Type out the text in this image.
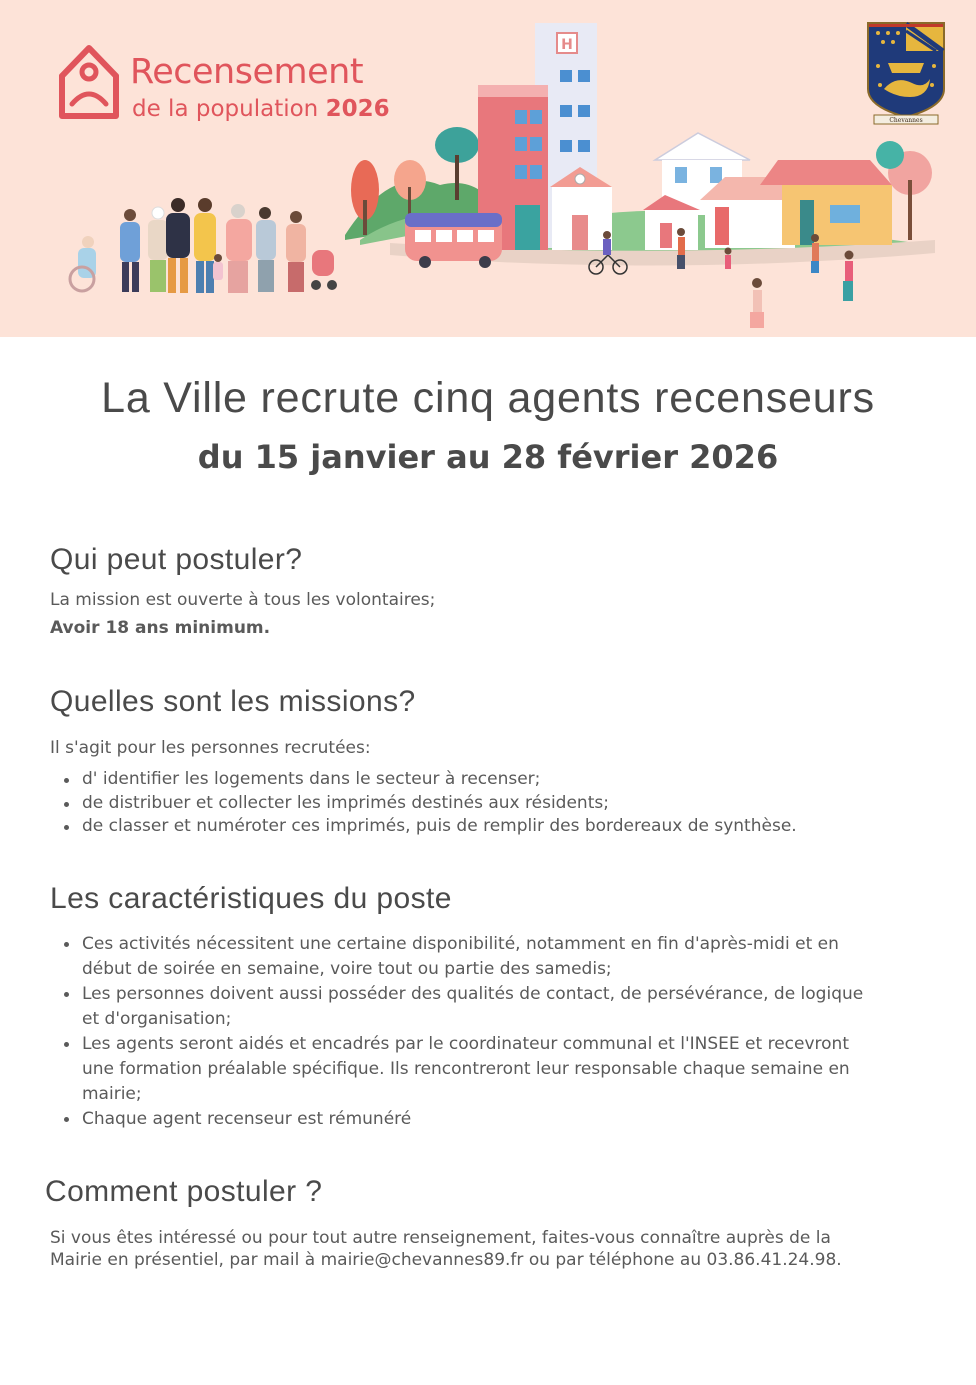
Recensement
de la population 2026
H
Chevannes
La Ville recrute cinq agents recenseurs
du 15 janvier au 28 février 2026
Qui peut postuler?

La mission est ouverte à tous les volontaires;

Avoir 18 ans minimum.

Quelles sont les missions?

Il s'agit pour les personnes recrutées:

d' identifier les logements dans le secteur à recenser;
de distribuer et collecter les imprimés destinés aux résidents;
de classer et numéroter ces imprimés, puis de remplir des bordereaux de synthèse.
Les caractéristiques du poste
Ces activités nécessitent une certaine disponibilité, notamment en fin d'après-midi et en début de soirée en semaine, voire tout ou partie des samedis;
Les personnes doivent aussi posséder des qualités de contact, de persévérance, de logique et d'organisation;
Les agents seront aidés et encadrés par le coordinateur communal et l'INSEE et recevront une formation préalable spécifique. Ils rencontreront leur responsable chaque semaine en mairie;
Chaque agent recenseur est rémunéré
Comment postuler ?

Si vous êtes intéressé ou pour tout autre renseignement, faites-vous connaître auprès de la Mairie en présentiel, par mail à mairie@chevannes89.fr ou par téléphone au 03.86.41.24.98.
